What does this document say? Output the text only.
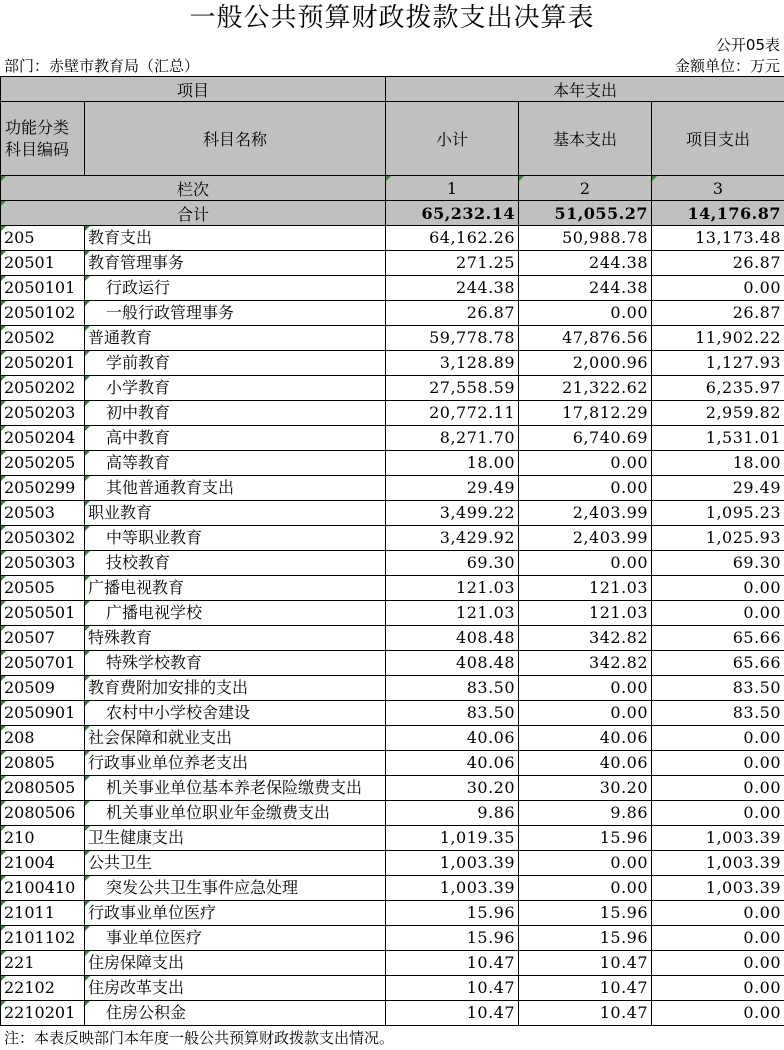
一般公共预算财政拨款支出决算表
公开05表
部门：赤壁市教育局（汇总）	金额单位：万元
项目		本年支出		
功能分类科目编码	科目名称	小计	基本支出	项目支出
栏次		1	2	3
合计		65,232.14	51,055.27	14,176.87
205	教育支出	64,162.26	50,988.78	13,173.48
20501	教育管理事务	271.25	244.38	26.87
2050101	行政运行	244.38	244.38	0.00
2050102	一般行政管理事务	26.87	0.00	26.87
20502	普通教育	59,778.78	47,876.56	11,902.22
2050201	学前教育	3,128.89	2,000.96	1,127.93
2050202	小学教育	27,558.59	21,322.62	6,235.97
2050203	初中教育	20,772.11	17,812.29	2,959.82
2050204	高中教育	8,271.70	6,740.69	1,531.01
2050205	高等教育	18.00	0.00	18.00
2050299	其他普通教育支出	29.49	0.00	29.49
20503	职业教育	3,499.22	2,403.99	1,095.23
2050302	中等职业教育	3,429.92	2,403.99	1,025.93
2050303	技校教育	69.30	0.00	69.30
20505	广播电视教育	121.03	121.03	0.00
2050501	广播电视学校	121.03	121.03	0.00
20507	特殊教育	408.48	342.82	65.66
2050701	特殊学校教育	408.48	342.82	65.66
20509	教育费附加安排的支出	83.50	0.00	83.50
2050901	农村中小学校舍建设	83.50	0.00	83.50
208	社会保障和就业支出	40.06	40.06	0.00
20805	行政事业单位养老支出	40.06	40.06	0.00
2080505	机关事业单位基本养老保险缴费支出	30.20	30.20	0.00
2080506	机关事业单位职业年金缴费支出	9.86	9.86	0.00
210	卫生健康支出	1,019.35	15.96	1,003.39
21004	公共卫生	1,003.39	0.00	1,003.39
2100410	突发公共卫生事件应急处理	1,003.39	0.00	1,003.39
21011	行政事业单位医疗	15.96	15.96	0.00
2101102	事业单位医疗	15.96	15.96	0.00
221	住房保障支出	10.47	10.47	0.00
22102	住房改革支出	10.47	10.47	0.00
2210201	住房公积金	10.47	10.47	0.00
注：本表反映部门本年度一般公共预算财政拨款支出情况。
